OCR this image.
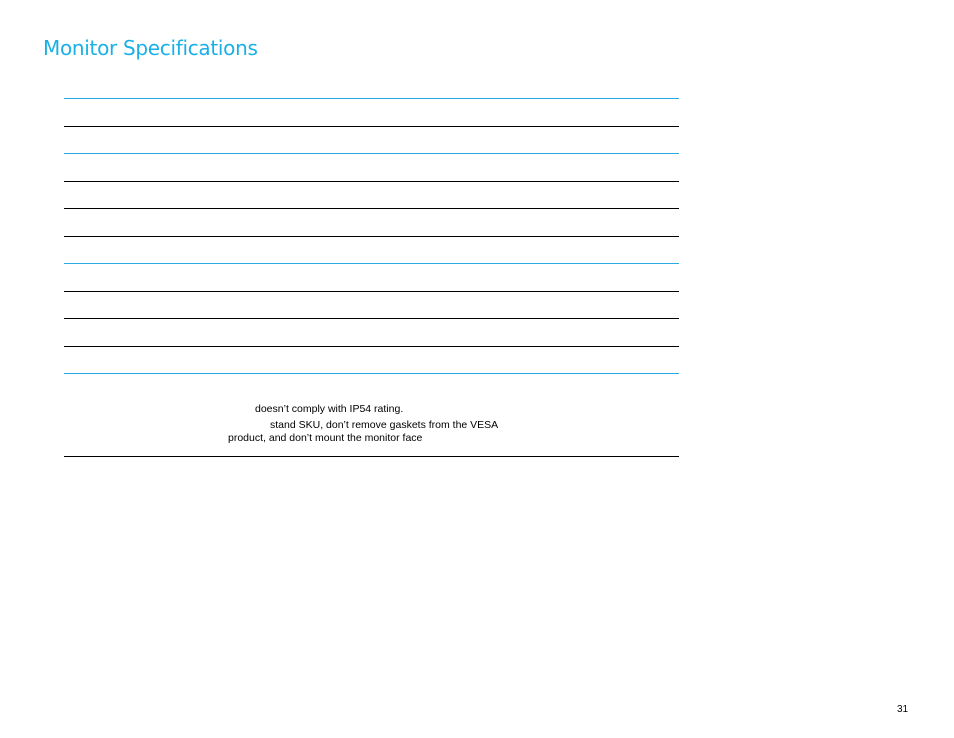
Monitor Specifications
doesn’t comply with IP54 rating.
stand SKU, don’t remove gaskets from the VESA
product, and don’t mount the monitor face
31
